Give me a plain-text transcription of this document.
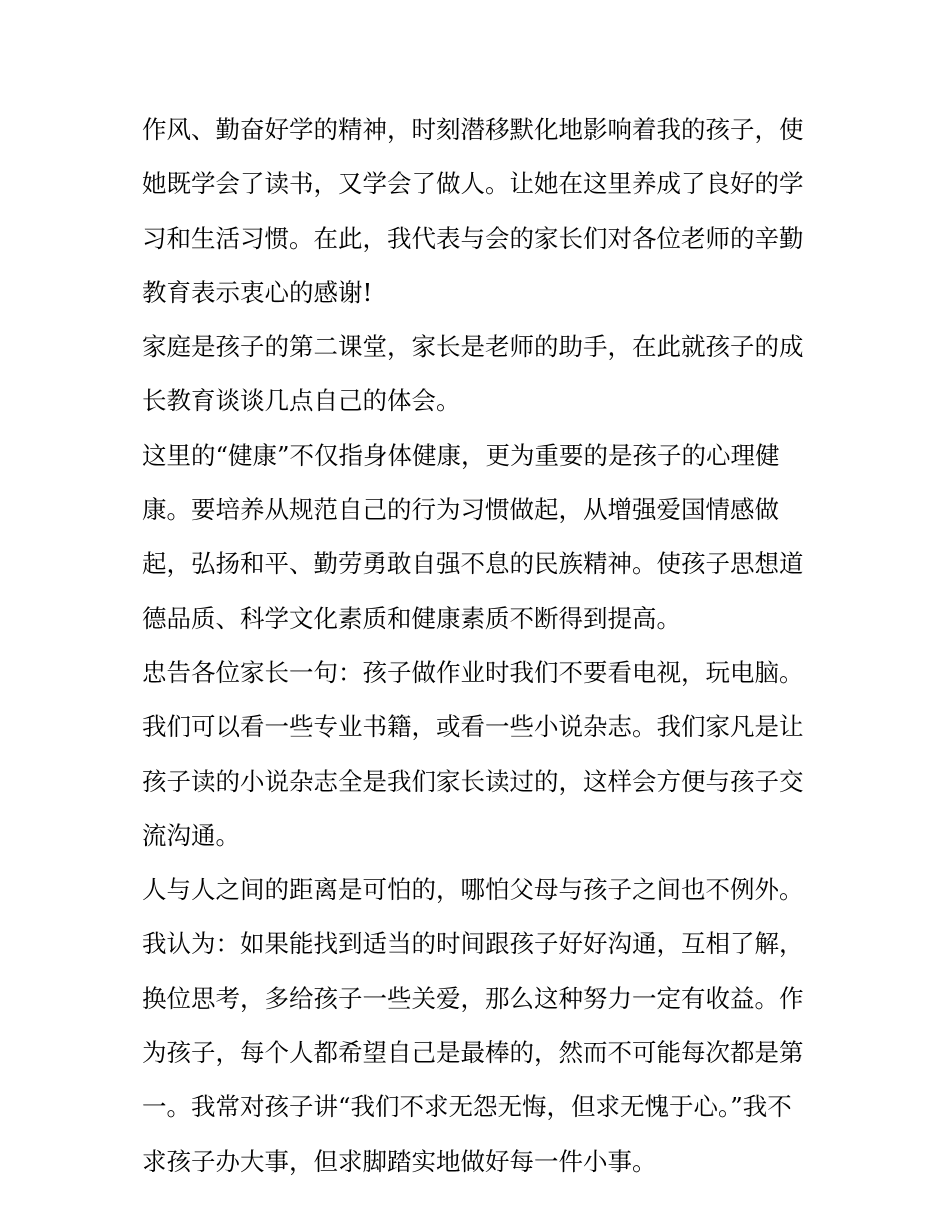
作风、勤奋好学的精神，时刻潜移默化地影响着我的孩子，使
她既学会了读书，又学会了做人。让她在这里养成了良好的学
习和生活习惯。在此，我代表与会的家长们对各位老师的辛勤
教育表示衷心的感谢!
家庭是孩子的第二课堂，家长是老师的助手，在此就孩子的成
长教育谈谈几点自己的体会。
这里的“健康”不仅指身体健康，更为重要的是孩子的心理健
康。要培养从规范自己的行为习惯做起，从增强爱国情感做
起，弘扬和平、勤劳勇敢自强不息的民族精神。使孩子思想道
德品质、科学文化素质和健康素质不断得到提高。
忠告各位家长一句：孩子做作业时我们不要看电视，玩电脑。
我们可以看一些专业书籍，或看一些小说杂志。我们家凡是让
孩子读的小说杂志全是我们家长读过的，这样会方便与孩子交
流沟通。
人与人之间的距离是可怕的，哪怕父母与孩子之间也不例外。
我认为：如果能找到适当的时间跟孩子好好沟通，互相了解，
换位思考，多给孩子一些关爱，那么这种努力一定有收益。作
为孩子，每个人都希望自己是最棒的，然而不可能每次都是第
一。我常对孩子讲“我们不求无怨无悔，但求无愧于心。”我不
求孩子办大事，但求脚踏实地做好每一件小事。
